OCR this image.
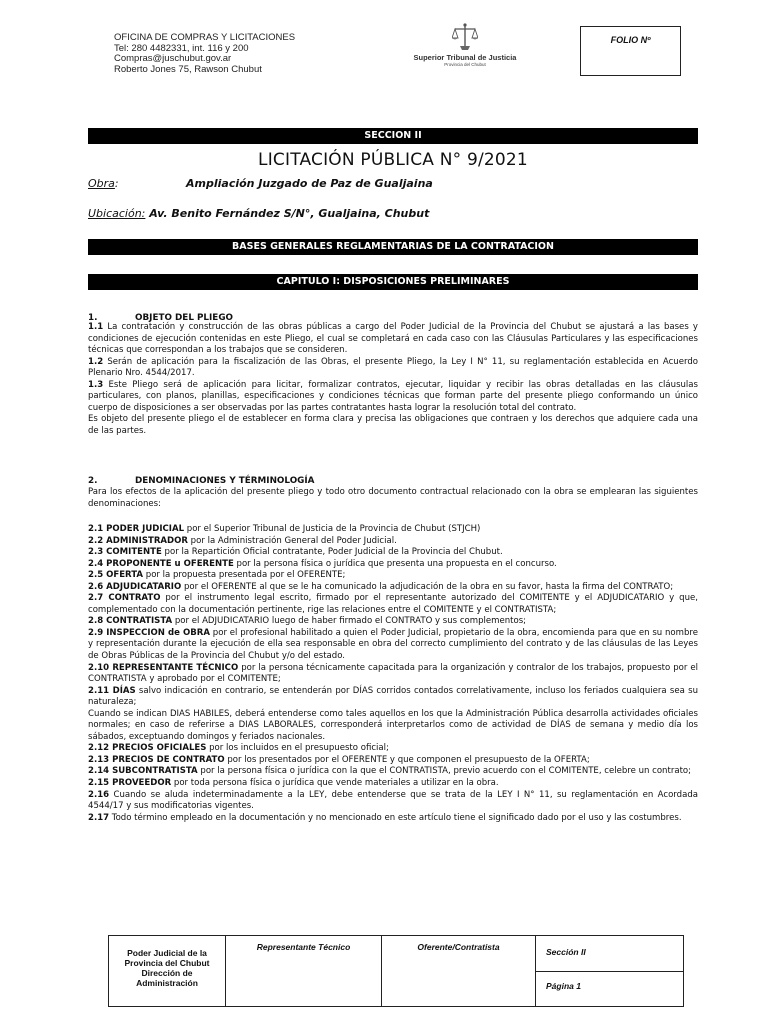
OFICINA DE COMPRAS Y LICITACIONES
Tel: 280 4482331, int. 116 y 200
Compras@juschubut.gov.ar
Roberto Jones 75, Rawson Chubut
Superior Tribunal de Justicia
Provincia del Chubut
FOLIO Nº
SECCION II
LICITACIÓN PÚBLICA N° 9/2021
Obra:	Ampliación Juzgado de Paz de Gualjaina
Ubicación: Av. Benito Fernández S/N°, Gualjaina, Chubut
BASES GENERALES REGLAMENTARIAS DE LA CONTRATACION
CAPITULO I: DISPOSICIONES PRELIMINARES
1.	OBJETO DEL PLIEGO

1.1 La contratación y construcción de las obras públicas a cargo del Poder Judicial de la Provincia del Chubut se ajustará a las bases y condiciones de ejecución contenidas en este Pliego, el cual se completará en cada caso con las Cláusulas Particulares y las especificaciones técnicas que correspondan a los trabajos que se consideren.

1.2 Serán de aplicación para la fiscalización de las Obras, el presente Pliego, la Ley I N° 11, su reglamentación establecida en Acuerdo Plenario Nro. 4544/2017.

1.3 Este Pliego será de aplicación para licitar, formalizar contratos, ejecutar, liquidar y recibir las obras detalladas en las cláusulas particulares, con planos, planillas, especificaciones y condiciones técnicas que forman parte del presente pliego conformando un único cuerpo de disposiciones a ser observadas por las partes contratantes hasta lograr la resolución total del contrato.

Es objeto del presente pliego el de establecer en forma clara y precisa las obligaciones que contraen y los derechos que adquiere cada una de las partes.

2.	DENOMINACIONES Y TÉRMINOLOGÍA

Para los efectos de la aplicación del presente pliego y todo otro documento contractual relacionado con la obra se emplearan las siguientes denominaciones:

2.1 PODER JUDICIAL por el Superior Tribunal de Justicia de la Provincia de Chubut (STJCH)

2.2 ADMINISTRADOR por la Administración General del Poder Judicial.

2.3 COMITENTE por la Repartición Oficial contratante, Poder Judicial de la Provincia del Chubut.

2.4 PROPONENTE u OFERENTE por la persona física o jurídica que presenta una propuesta en el concurso.

2.5 OFERTA por la propuesta presentada por el OFERENTE;

2.6 ADJUDICATARIO por el OFERENTE al que se le ha comunicado la adjudicación de la obra en su favor, hasta la firma del CONTRATO;

2.7 CONTRATO por el instrumento legal escrito, firmado por el representante autorizado del COMITENTE y el ADJUDICATARIO y que, complementado con la documentación pertinente, rige las relaciones entre el COMITENTE y el CONTRATISTA;

2.8 CONTRATISTA por el ADJUDICATARIO luego de haber firmado el CONTRATO y sus complementos;

2.9 INSPECCION de OBRA por el profesional habilitado a quien el Poder Judicial, propietario de la obra, encomienda para que en su nombre y representación durante la ejecución de ella sea responsable en obra del correcto cumplimiento del contrato y de las cláusulas de las Leyes de Obras Públicas de la Provincia del Chubut y/o del estado.

2.10 REPRESENTANTE TÉCNICO por la persona técnicamente capacitada para la organización y contralor de los trabajos, propuesto por el CONTRATISTA y aprobado por el COMITENTE;

2.11 DÍAS salvo indicación en contrario, se entenderán por DÍAS corridos contados correlativamente, incluso los feriados cualquiera sea su naturaleza;

Cuando se indican DIAS HABILES, deberá entenderse como tales aquellos en los que la Administración Pública desarrolla actividades oficiales normales; en caso de referirse a DIAS LABORALES, corresponderá interpretarlos como de actividad de DÍAS de semana y medio día los sábados, exceptuando domingos y feriados nacionales.

2.12 PRECIOS OFICIALES por los incluidos en el presupuesto oficial;

2.13 PRECIOS DE CONTRATO por los presentados por el OFERENTE y que componen el presupuesto de la OFERTA;

2.14 SUBCONTRATISTA por la persona física o jurídica con la que el CONTRATISTA, previo acuerdo con el COMITENTE, celebre un contrato;

2.15 PROVEEDOR por toda persona física o jurídica que vende materiales a utilizar en la obra.

2.16 Cuando se aluda indeterminadamente a la LEY, debe entenderse que se trata de la LEY I N° 11, su reglamentación en Acordada 4544/17 y sus modificatorias vigentes.

2.17 Todo término empleado en la documentación y no mencionado en este artículo tiene el significado dado por el uso y las costumbres.

Poder Judicial de la
Provincia del Chubut
Dirección de
Administración
Representante Técnico	Oferente/Contratista	Sección II
Página 1
